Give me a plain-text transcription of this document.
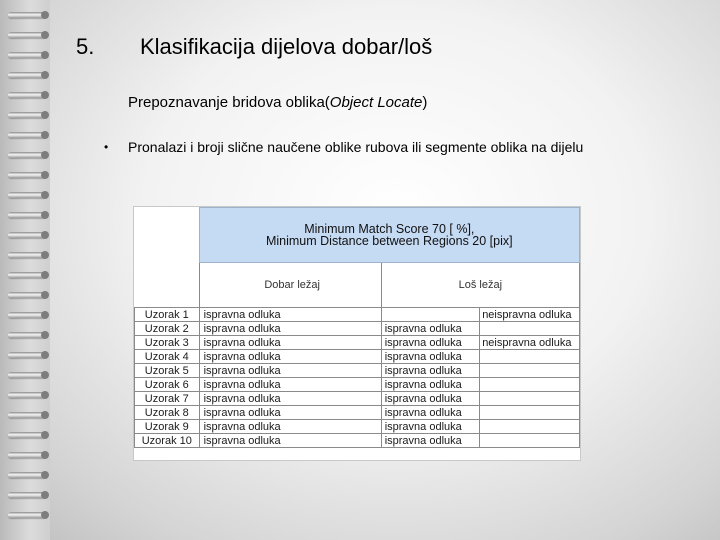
5. Klasifikacija dijelova dobar/loš
Prepoznavanje bridova oblika(Object Locate)
• Pronalazi i broji slične naučene oblike rubova ili segmente oblika na dijelu
	Minimum Match Score 70 [ %],
Minimum Distance between Regions 20 [pix]		
	Dobar ležaj	Loš ležaj	
Uzorak 1	ispravna odluka		neispravna odluka
Uzorak 2	ispravna odluka	ispravna odluka	
Uzorak 3	ispravna odluka	ispravna odluka	neispravna odluka
Uzorak 4	ispravna odluka	ispravna odluka	
Uzorak 5	ispravna odluka	ispravna odluka	
Uzorak 6	ispravna odluka	ispravna odluka	
Uzorak 7	ispravna odluka	ispravna odluka	
Uzorak 8	ispravna odluka	ispravna odluka	
Uzorak 9	ispravna odluka	ispravna odluka	
Uzorak 10	ispravna odluka	ispravna odluka	
